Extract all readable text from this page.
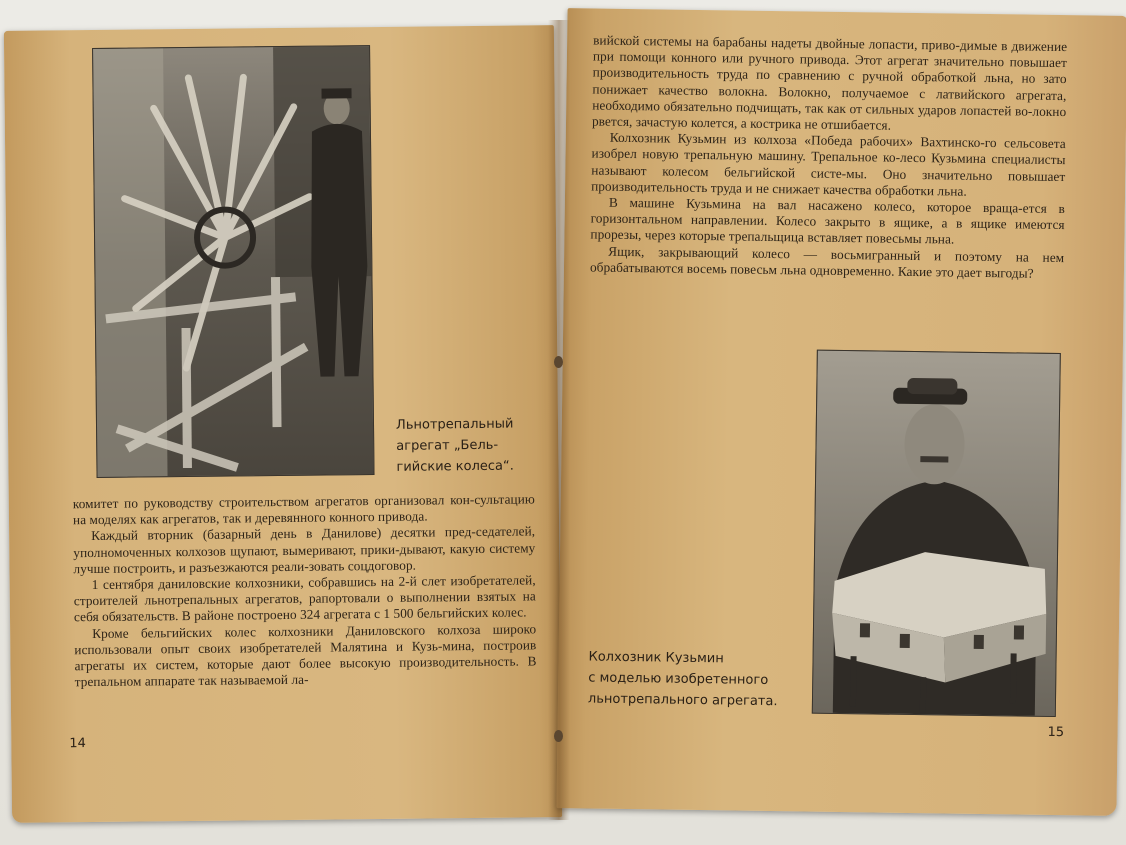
Льнотрепальный
агрегат „Бель-
гийские колеса“.

комитет по руководству строительством агрегатов организовал кон-сультацию на моделях как агрегатов, так и деревянного конного привода.

Каждый вторник (базарный день в Данилове) десятки пред-седателей, уполномоченных колхозов щупают, вымеривают, прики-дывают, какую систему лучше построить, и разъезжаются реали-зовать соцдоговор.

1 сентября даниловские колхозники, собравшись на 2-й слет изобретателей, строителей льнотрепальных агрегатов, рапортовали о выполнении взятых на себя обязательств. В районе построено 324 агрегата с 1 500 бельгийских колес.

Кроме бельгийских колес колхозники Даниловского колхоза широко использовали опыт своих изобретателей Малятина и Кузь-мина, построив агрегаты их систем, которые дают более высокую производительность. В трепальном аппарате так называемой ла-

14

вийской системы на барабаны надеты двойные лопасти, приво-димые в движение при помощи конного или ручного привода. Этот агрегат значительно повышает производительность труда по сравнению с ручной обработкой льна, но зато понижает качество волокна. Волокно, получаемое с латвийского агрегата, необходимо обязательно подчищать, так как от сильных ударов лопастей во-локно рвется, зачастую колется, а кострика не отшибается.

Колхозник Кузьмин из колхоза «Победа рабочих» Вахтинско-го сельсовета изобрел новую трепальную машину. Трепальное ко-лесо Кузьмина специалисты называют колесом бельгийской систе-мы. Оно значительно повышает производительность труда и не снижает качества обработки льна.

В машине Кузьмина на вал насажено колесо, которое враща-ется в горизонтальном направлении. Колесо закрыто в ящике, а в ящике имеются прорезы, через которые трепальщица вставляет повесьмы льна.

Ящик, закрывающий колесо — восьмигранный и поэтому на нем обрабатываются восемь повесьм льна одновременно. Какие это дает выгоды?

Колхозник Кузьмин
с моделью изобретенного
льнотрепального агрегата.
15
